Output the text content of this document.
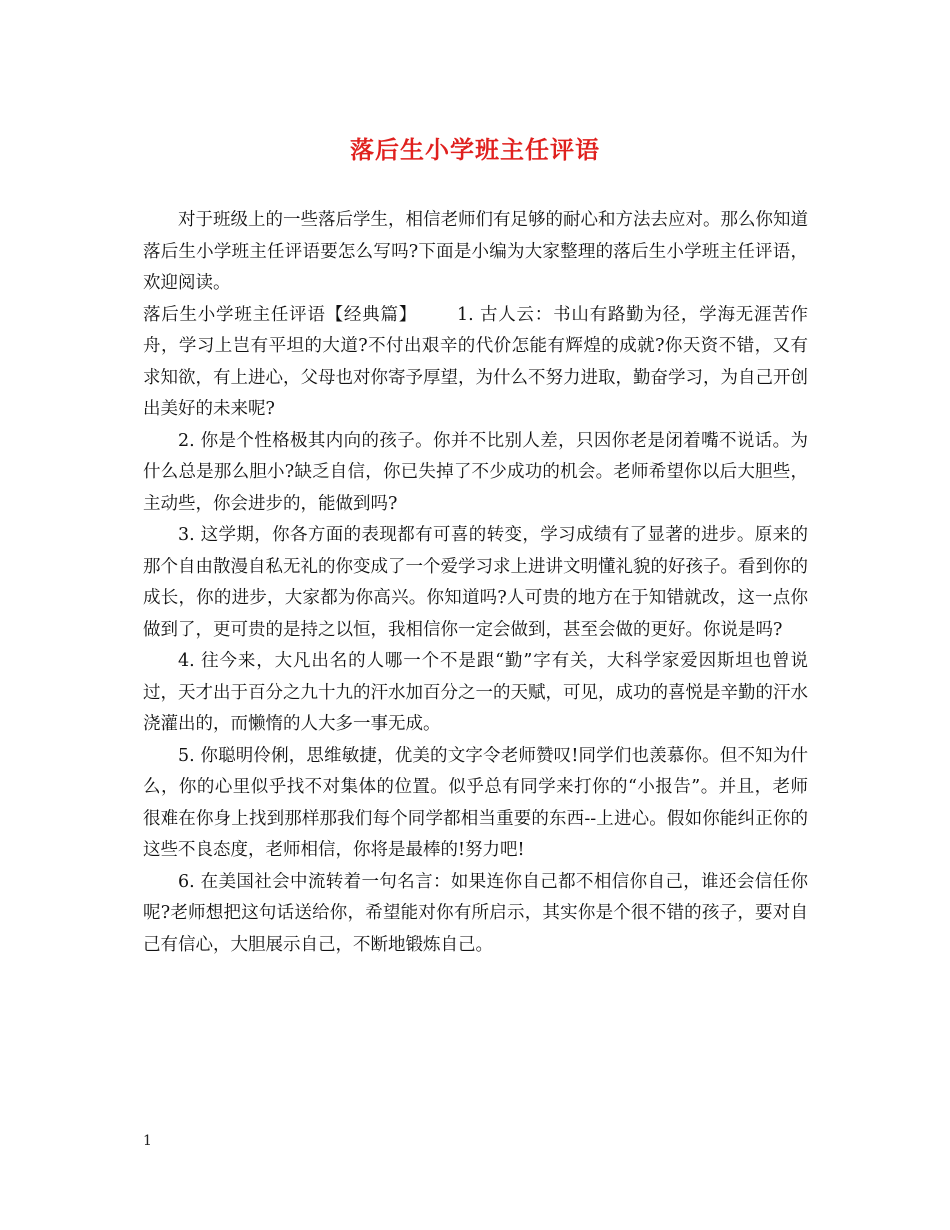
落后生小学班主任评语

对于班级上的一些落后学生，相信老师们有足够的耐心和方法去应对。那么你知道落后生小学班主任评语要怎么写吗?下面是小编为大家整理的落后生小学班主任评语，欢迎阅读。

落后生小学班主任评语【经典篇】 1. 古人云：书山有路勤为径，学海无涯苦作舟，学习上岂有平坦的大道?不付出艰辛的代价怎能有辉煌的成就?你天资不错，又有求知欲，有上进心，父母也对你寄予厚望，为什么不努力进取，勤奋学习，为自己开创出美好的未来呢?

2. 你是个性格极其内向的孩子。你并不比别人差，只因你老是闭着嘴不说话。为什么总是那么胆小?缺乏自信，你已失掉了不少成功的机会。老师希望你以后大胆些，主动些，你会进步的，能做到吗?

3. 这学期，你各方面的表现都有可喜的转变，学习成绩有了显著的进步。原来的那个自由散漫自私无礼的你变成了一个爱学习求上进讲文明懂礼貌的好孩子。看到你的成长，你的进步，大家都为你高兴。你知道吗?人可贵的地方在于知错就改，这一点你做到了，更可贵的是持之以恒，我相信你一定会做到，甚至会做的更好。你说是吗?

4. 往今来，大凡出名的人哪一个不是跟“勤”字有关，大科学家爱因斯坦也曾说过，天才出于百分之九十九的汗水加百分之一的天赋，可见，成功的喜悦是辛勤的汗水浇灌出的，而懒惰的人大多一事无成。

5. 你聪明伶俐，思维敏捷，优美的文字令老师赞叹!同学们也羡慕你。但不知为什么，你的心里似乎找不对集体的位置。似乎总有同学来打你的“小报告”。并且，老师很难在你身上找到那样那我们每个同学都相当重要的东西--上进心。假如你能纠正你的这些不良态度，老师相信，你将是最棒的!努力吧!

6. 在美国社会中流转着一句名言：如果连你自己都不相信你自己，谁还会信任你呢?老师想把这句话送给你，希望能对你有所启示，其实你是个很不错的孩子，要对自己有信心，大胆展示自己，不断地锻炼自己。

1
